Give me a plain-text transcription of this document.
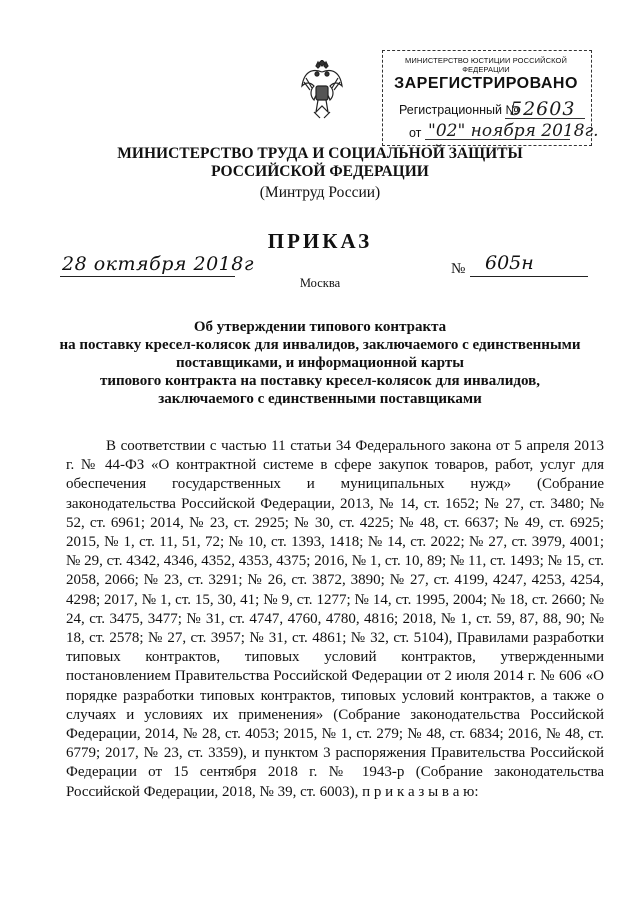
МИНИСТЕРСТВО ЮСТИЦИИ РОССИЙСКОЙ ФЕДЕРАЦИИ
ЗАРЕГИСТРИРОВАНО
Регистрационный №
52603
от "02" ноября 2018г.
МИНИСТЕРСТВО ТРУДА И СОЦИАЛЬНОЙ ЗАЩИТЫ
РОССИЙСКОЙ ФЕДЕРАЦИИ
(Минтруд России)
ПРИКАЗ
28 октября 2018г	№ 605н
Москва
Об утверждении типового контракта
на поставку кресел-колясок для инвалидов, заключаемого с единственными
поставщиками, и информационной карты
типового контракта на поставку кресел-колясок для инвалидов,
заключаемого с единственными поставщиками
В соответствии с частью 11 статьи 34 Федерального закона от 5 апреля 2013 г. № 44-ФЗ «О контрактной системе в сфере закупок товаров, работ, услуг для обеспечения государственных и муниципальных нужд» (Собрание законодательства Российской Федерации, 2013, № 14, ст. 1652; № 27, ст. 3480; № 52, ст. 6961; 2014, № 23, ст. 2925; № 30, ст. 4225; № 48, ст. 6637; № 49, ст. 6925; 2015, № 1, ст. 11, 51, 72; № 10, ст. 1393, 1418; № 14, ст. 2022; № 27, ст. 3979, 4001; № 29, ст. 4342, 4346, 4352, 4353, 4375; 2016, № 1, ст. 10, 89; № 11, ст. 1493; № 15, ст. 2058, 2066; № 23, ст. 3291; № 26, ст. 3872, 3890; № 27, ст. 4199, 4247, 4253, 4254, 4298; 2017, № 1, ст. 15, 30, 41; № 9, ст. 1277; № 14, ст. 1995, 2004; № 18, ст. 2660; № 24, ст. 3475, 3477; № 31, ст. 4747, 4760, 4780, 4816; 2018, № 1, ст. 59, 87, 88, 90; № 18, ст. 2578; № 27, ст. 3957; № 31, ст. 4861; № 32, ст. 5104), Правилами разработки типовых контрактов, типовых условий контрактов, утвержденными постановлением Правительства Российской Федерации от 2 июля 2014 г. № 606 «О порядке разработки типовых контрактов, типовых условий контрактов, а также о случаях и условиях их применения» (Собрание законодательства Российской Федерации, 2014, № 28, ст. 4053; 2015, № 1, ст. 279; № 48, ст. 6834; 2016, № 48, ст. 6779; 2017, № 23, ст. 3359), и пунктом 3 распоряжения Правительства Российской Федерации от 15 сентября 2018 г. № 1943-р (Собрание законодательства Российской Федерации, 2018, № 39, ст. 6003), п р и к а з ы в а ю:
